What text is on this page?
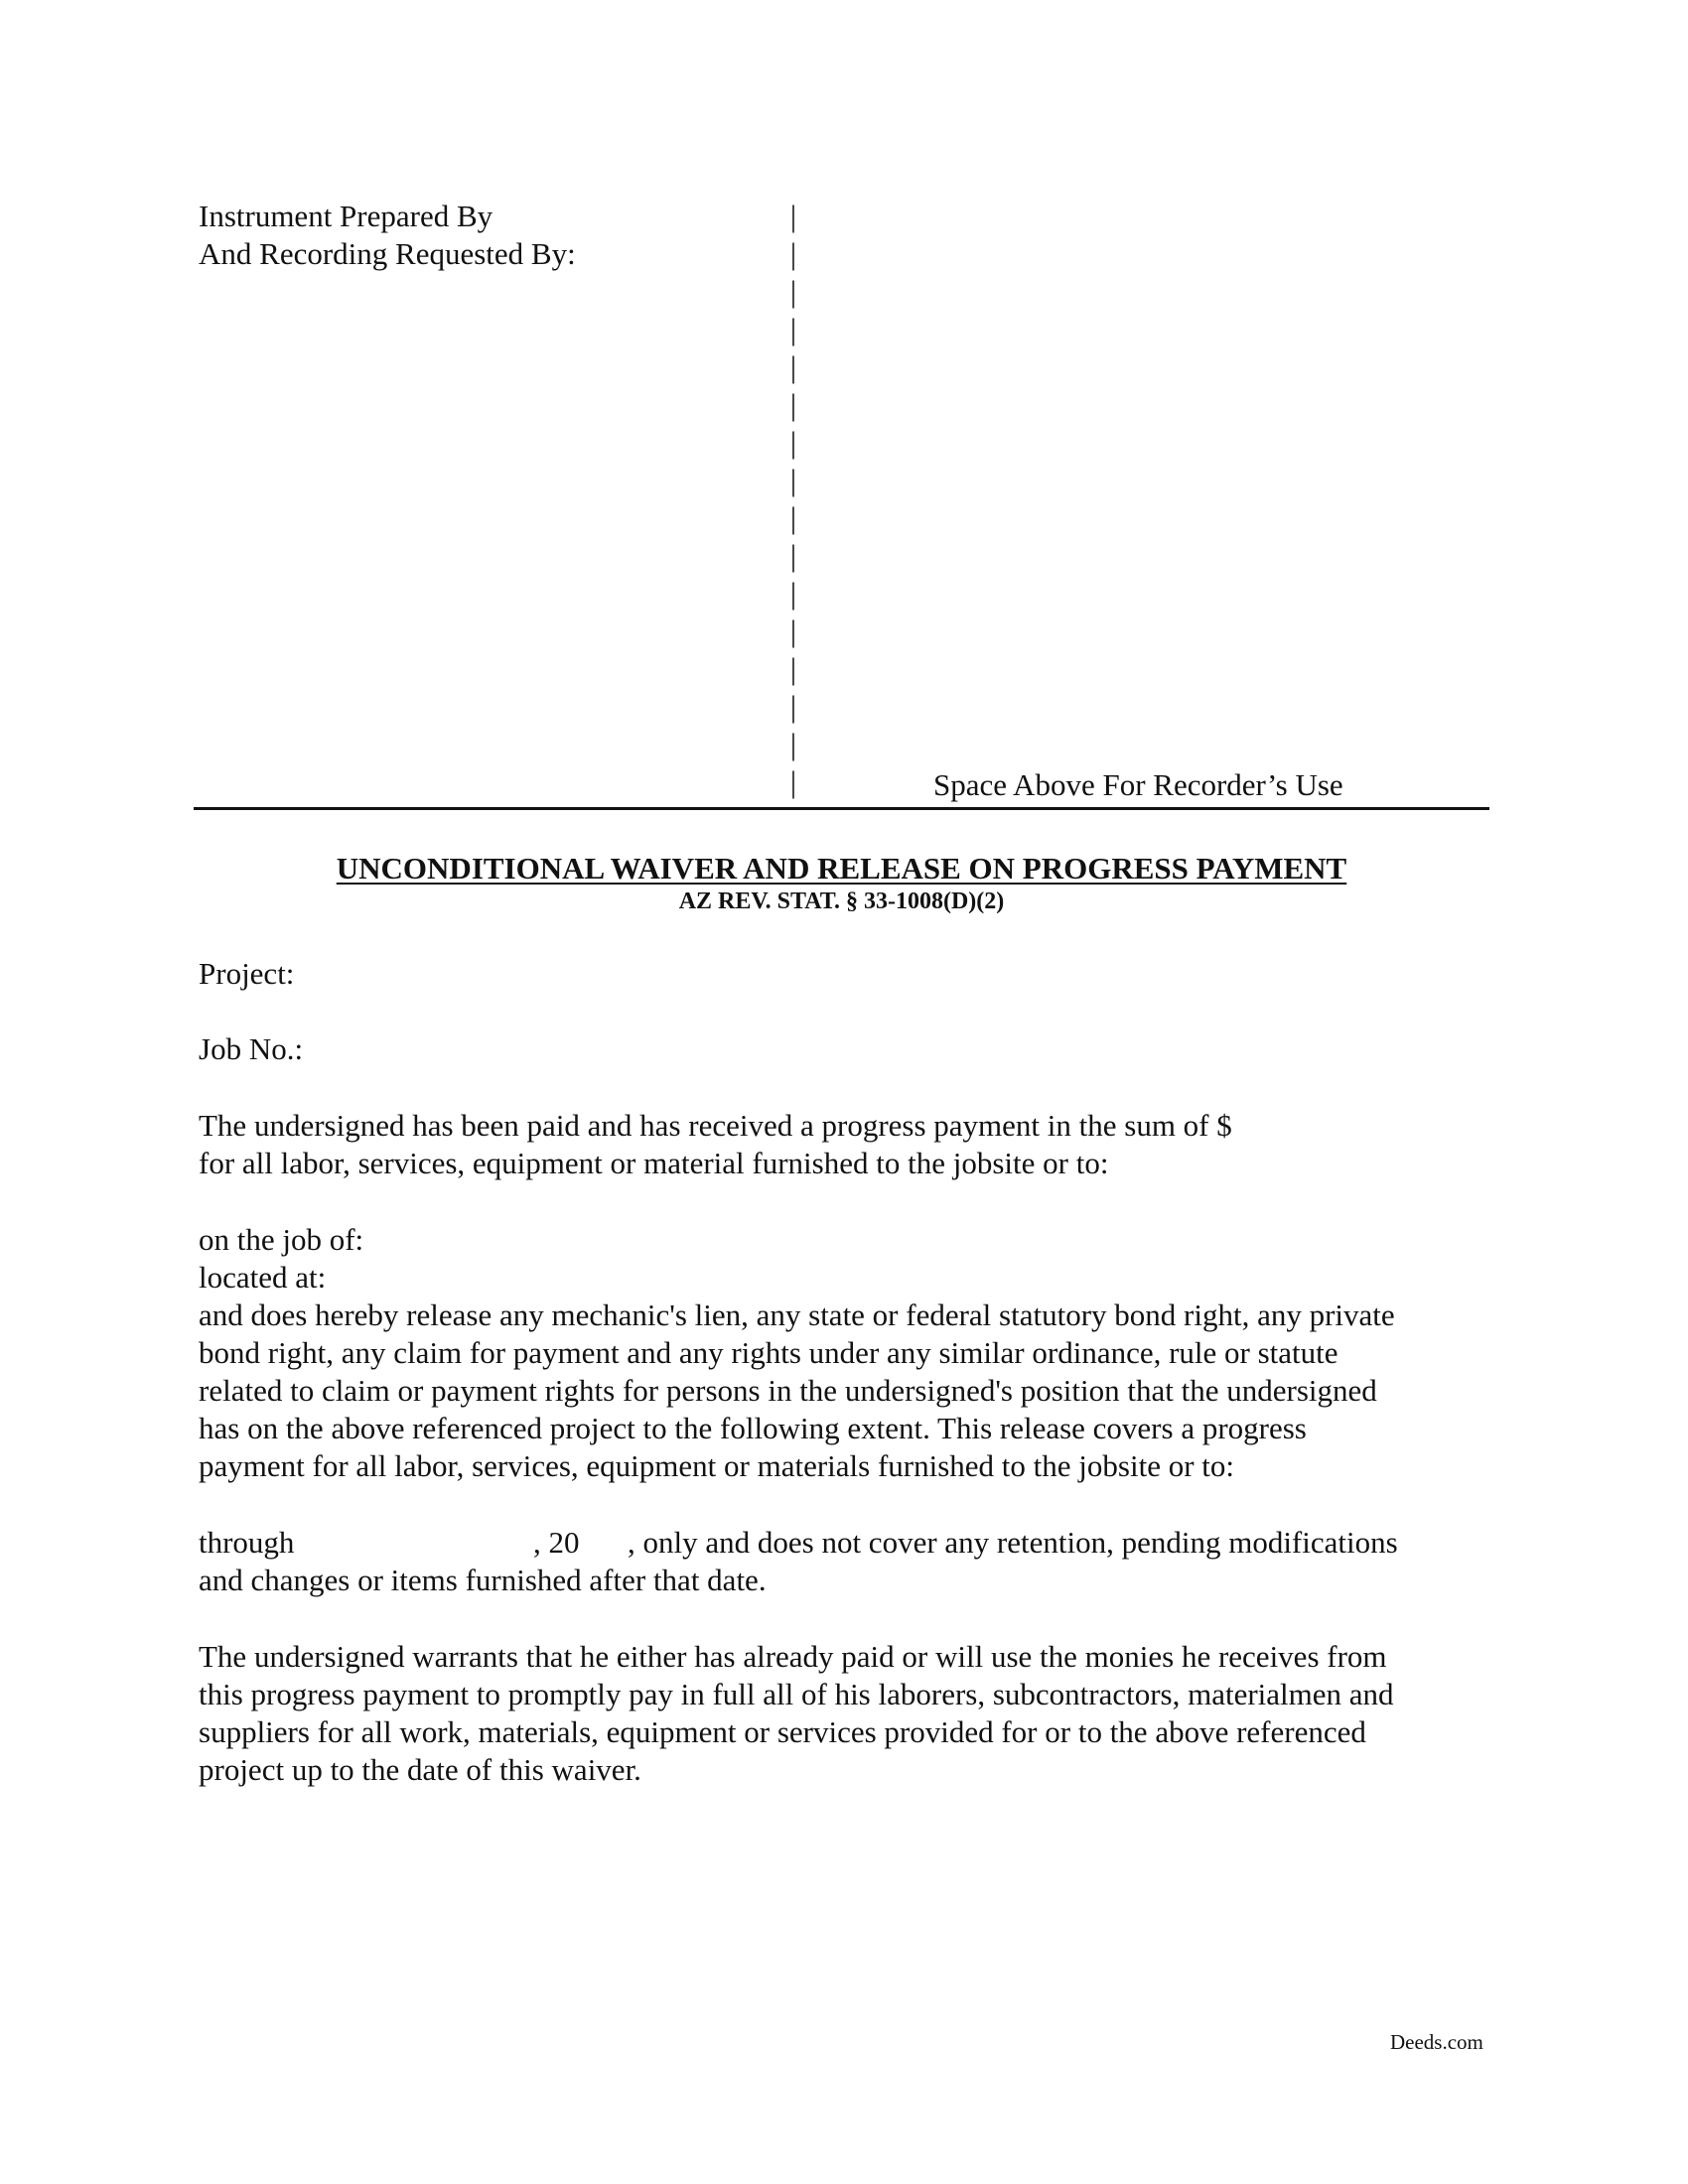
Instrument Prepared By
And Recording Requested By:
|
|
|
|
|
|
|
|
|
|
|
|
|
|
|
|	Space Above For Recorder’s Use
UNCONDITIONAL WAIVER AND RELEASE ON PROGRESS PAYMENT
AZ REV. STAT. § 33-1008(D)(2)
Project:
Job No.:
The undersigned has been paid and has received a progress payment in the sum of $
for all labor, services, equipment or material furnished to the jobsite or to:
on the job of:
located at:
and does hereby release any mechanic's lien, any state or federal statutory bond right, any private
bond right, any claim for payment and any rights under any similar ordinance, rule or statute
related to claim or payment rights for persons in the undersigned's position that the undersigned
has on the above referenced project to the following extent. This release covers a progress
payment for all labor, services, equipment or materials furnished to the jobsite or to:
through	, 20 , only and does not cover any retention, pending modifications
and changes or items furnished after that date.
The undersigned warrants that he either has already paid or will use the monies he receives from
this progress payment to promptly pay in full all of his laborers, subcontractors, materialmen and
suppliers for all work, materials, equipment or services provided for or to the above referenced
project up to the date of this waiver.
Deeds.com
